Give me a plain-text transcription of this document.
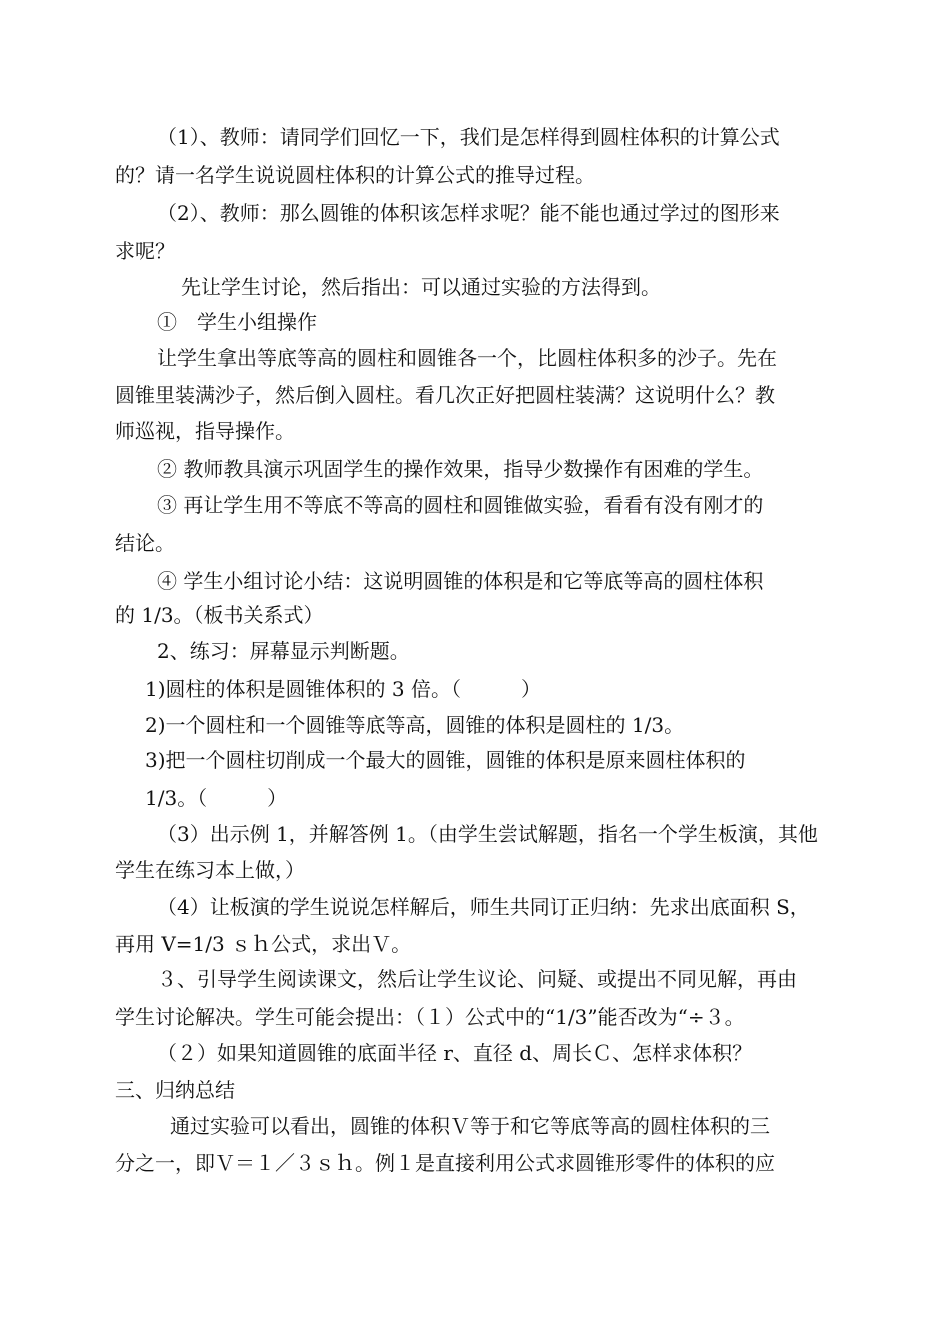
（1）、教师：请同学们回忆一下，我们是怎样得到圆柱体积的计算公式
的？请一名学生说说圆柱体积的计算公式的推导过程。
（2）、教师：那么圆锥的体积该怎样求呢？能不能也通过学过的图形来
求呢？
先让学生讨论，然后指出：可以通过实验的方法得到。
①　学生小组操作
让学生拿出等底等高的圆柱和圆锥各一个，比圆柱体积多的沙子。先在
圆锥里装满沙子，然后倒入圆柱。看几次正好把圆柱装满？这说明什么？教
师巡视，指导操作。
② 教师教具演示巩固学生的操作效果，指导少数操作有困难的学生。
③ 再让学生用不等底不等高的圆柱和圆锥做实验，看看有没有刚才的
结论。
④ 学生小组讨论小结：这说明圆锥的体积是和它等底等高的圆柱体积
的 1/3。（板书关系式）
2、练习：屏幕显示判断题。
1)圆柱的体积是圆锥体积的 3 倍。（　　　）
2)一个圆柱和一个圆锥等底等高，圆锥的体积是圆柱的 1/3。
3)把一个圆柱切削成一个最大的圆锥，圆锥的体积是原来圆柱体积的
1/3。（　　　）
（3）出示例 1，并解答例 1。（由学生尝试解题，指名一个学生板演，其他
学生在练习本上做，）
（4）让板演的学生说说怎样解后，师生共同订正归纳：先求出底面积 S，
再用 V=1/3 ｓｈ公式，求出Ｖ。
３、引导学生阅读课文，然后让学生议论、问疑、或提出不同见解，再由
学生讨论解决。学生可能会提出：（１）公式中的“1/3”能否改为“÷３。
（２）如果知道圆锥的底面半径 r、直径 d、周长Ｃ、怎样求体积？
三、归纳总结
通过实验可以看出，圆锥的体积Ｖ等于和它等底等高的圆柱体积的三
分之一，即Ｖ＝１／３ｓｈ。例１是直接利用公式求圆锥形零件的体积的应
